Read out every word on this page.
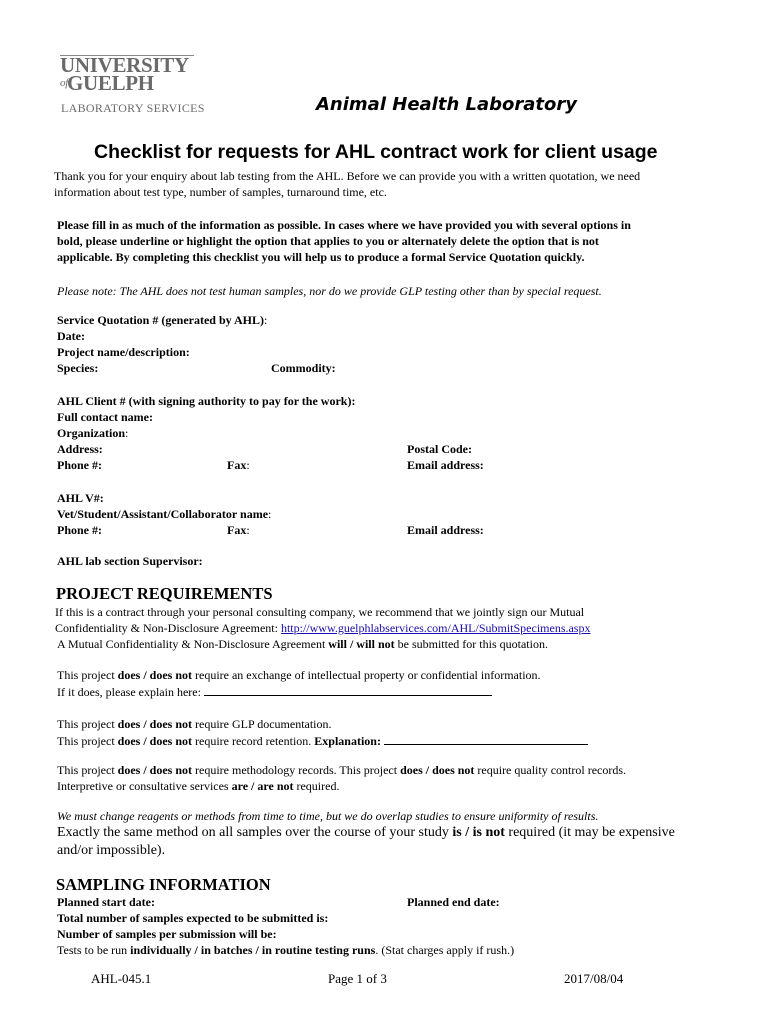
UNIVERSITY
ofGUELPH
LABORATORY SERVICES	Animal Health Laboratory
Checklist for requests for AHL contract work for client usage
Thank you for your enquiry about lab testing from the AHL. Before we can provide you with a written quotation, we need
information about test type, number of samples, turnaround time, etc.
Please fill in as much of the information as possible. In cases where we have provided you with several options in
bold, please underline or highlight the option that applies to you or alternately delete the option that is not
applicable. By completing this checklist you will help us to produce a formal Service Quotation quickly.
Please note: The AHL does not test human samples, nor do we provide GLP testing other than by special request.
Service Quotation # (generated by AHL):
Date:
Project name/description:
Species:	Commodity:
AHL Client # (with signing authority to pay for the work):
Full contact name:
Organization:
Address:	Postal Code:
Phone #:	Fax:	Email address:
AHL V#:
Vet/Student/Assistant/Collaborator name:
Phone #:	Fax:	Email address:
AHL lab section Supervisor:
PROJECT REQUIREMENTS
If this is a contract through your personal consulting company, we recommend that we jointly sign our Mutual
Confidentiality & Non-Disclosure Agreement: http://www.guelphlabservices.com/AHL/SubmitSpecimens.aspx
A Mutual Confidentiality & Non-Disclosure Agreement will / will not be submitted for this quotation.
This project does / does not require an exchange of intellectual property or confidential information.
If it does, please explain here:
This project does / does not require GLP documentation.
This project does / does not require record retention. Explanation:
This project does / does not require methodology records. This project does / does not require quality control records.
Interpretive or consultative services are / are not required.
We must change reagents or methods from time to time, but we do overlap studies to ensure uniformity of results.
Exactly the same method on all samples over the course of your study is / is not required (it may be expensive
and/or impossible).
SAMPLING INFORMATION
Planned start date:	Planned end date:
Total number of samples expected to be submitted is:
Number of samples per submission will be:
Tests to be run individually / in batches / in routine testing runs. (Stat charges apply if rush.)
AHL-045.1	Page 1 of 3	2017/08/04
